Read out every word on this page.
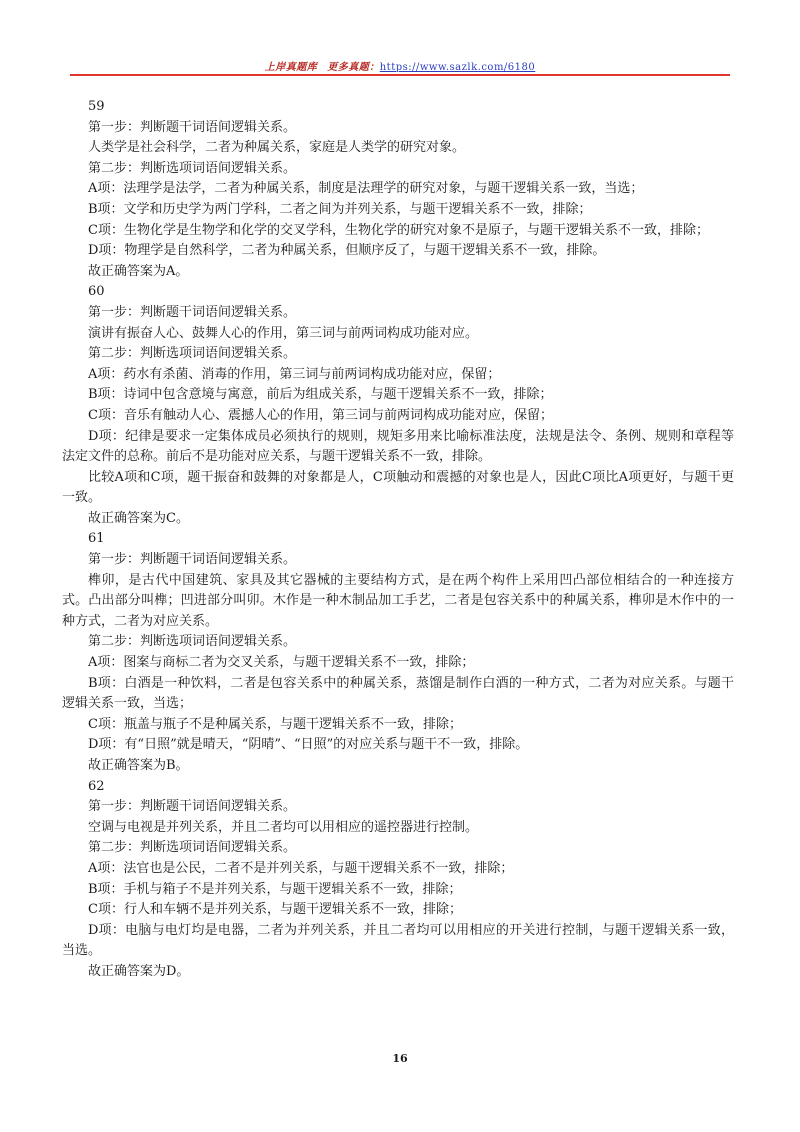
上岸真题库 更多真题：https://www.sazlk.com/6180

59

第一步：判断题干词语间逻辑关系。

人类学是社会科学，二者为种属关系，家庭是人类学的研究对象。

第二步：判断选项词语间逻辑关系。

A项：法理学是法学，二者为种属关系，制度是法理学的研究对象，与题干逻辑关系一致，当选；

B项：文学和历史学为两门学科，二者之间为并列关系，与题干逻辑关系不一致，排除；

C项：生物化学是生物学和化学的交叉学科，生物化学的研究对象不是原子，与题干逻辑关系不一致，排除；

D项：物理学是自然科学，二者为种属关系，但顺序反了，与题干逻辑关系不一致，排除。

故正确答案为A。

60

第一步：判断题干词语间逻辑关系。

演讲有振奋人心、鼓舞人心的作用，第三词与前两词构成功能对应。

第二步：判断选项词语间逻辑关系。

A项：药水有杀菌、消毒的作用，第三词与前两词构成功能对应，保留；

B项：诗词中包含意境与寓意，前后为组成关系，与题干逻辑关系不一致，排除；

C项：音乐有触动人心、震撼人心的作用，第三词与前两词构成功能对应，保留；

D项：纪律是要求一定集体成员必须执行的规则，规矩多用来比喻标准法度，法规是法令、条例、规则和章程等法定文件的总称。前后不是功能对应关系，与题干逻辑关系不一致，排除。

比较A项和C项，题干振奋和鼓舞的对象都是人，C项触动和震撼的对象也是人，因此C项比A项更好，与题干更一致。

故正确答案为C。

61

第一步：判断题干词语间逻辑关系。

榫卯，是古代中国建筑、家具及其它器械的主要结构方式，是在两个构件上采用凹凸部位相结合的一种连接方式。凸出部分叫榫；凹进部分叫卯。木作是一种木制品加工手艺，二者是包容关系中的种属关系，榫卯是木作中的一种方式，二者为对应关系。

第二步：判断选项词语间逻辑关系。

A项：图案与商标二者为交叉关系，与题干逻辑关系不一致，排除；

B项：白酒是一种饮料，二者是包容关系中的种属关系，蒸馏是制作白酒的一种方式，二者为对应关系。与题干逻辑关系一致，当选；

C项：瓶盖与瓶子不是种属关系，与题干逻辑关系不一致，排除；

D项：有“日照”就是晴天，“阴晴”、“日照”的对应关系与题干不一致，排除。

故正确答案为B。

62

第一步：判断题干词语间逻辑关系。

空调与电视是并列关系，并且二者均可以用相应的遥控器进行控制。

第二步：判断选项词语间逻辑关系。

A项：法官也是公民，二者不是并列关系，与题干逻辑关系不一致，排除；

B项：手机与箱子不是并列关系，与题干逻辑关系不一致，排除；

C项：行人和车辆不是并列关系，与题干逻辑关系不一致，排除；

D项：电脑与电灯均是电器，二者为并列关系，并且二者均可以用相应的开关进行控制，与题干逻辑关系一致，当选。

故正确答案为D。

16
